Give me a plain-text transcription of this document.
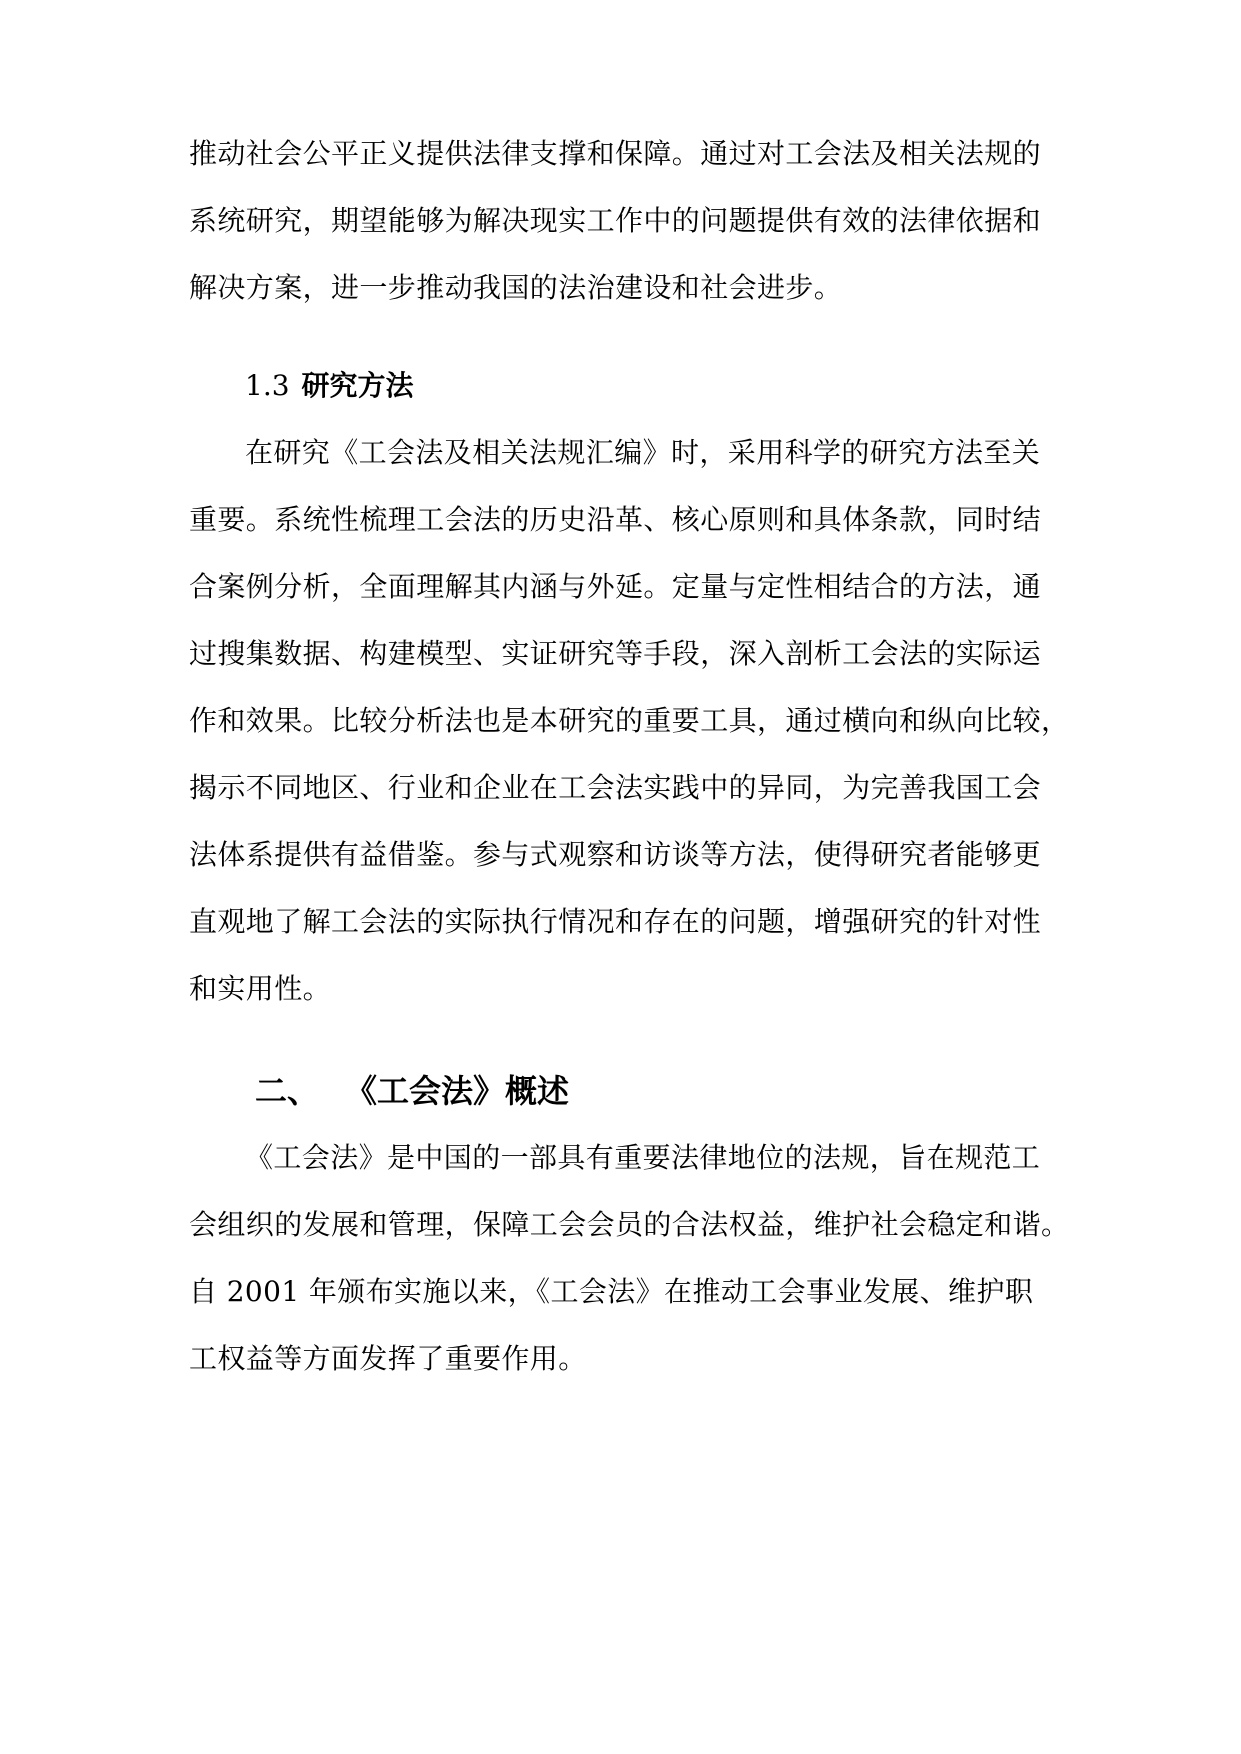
推动社会公平正义提供法律支撑和保障。通过对工会法及相关法规的
系统研究，期望能够为解决现实工作中的问题提供有效的法律依据和
解决方案，进一步推动我国的法治建设和社会进步。
1.3 研究方法
在研究《工会法及相关法规汇编》时，采用科学的研究方法至关
重要。系统性梳理工会法的历史沿革、核心原则和具体条款，同时结
合案例分析，全面理解其内涵与外延。定量与定性相结合的方法，通
过搜集数据、构建模型、实证研究等手段，深入剖析工会法的实际运
作和效果。比较分析法也是本研究的重要工具，通过横向和纵向比较，
揭示不同地区、行业和企业在工会法实践中的异同，为完善我国工会
法体系提供有益借鉴。参与式观察和访谈等方法，使得研究者能够更
直观地了解工会法的实际执行情况和存在的问题，增强研究的针对性
和实用性。
二、 《工会法》概述
《工会法》是中国的一部具有重要法律地位的法规，旨在规范工
会组织的发展和管理，保障工会会员的合法权益，维护社会稳定和谐。
自 2001 年颁布实施以来，《工会法》在推动工会事业发展、维护职
工权益等方面发挥了重要作用。
